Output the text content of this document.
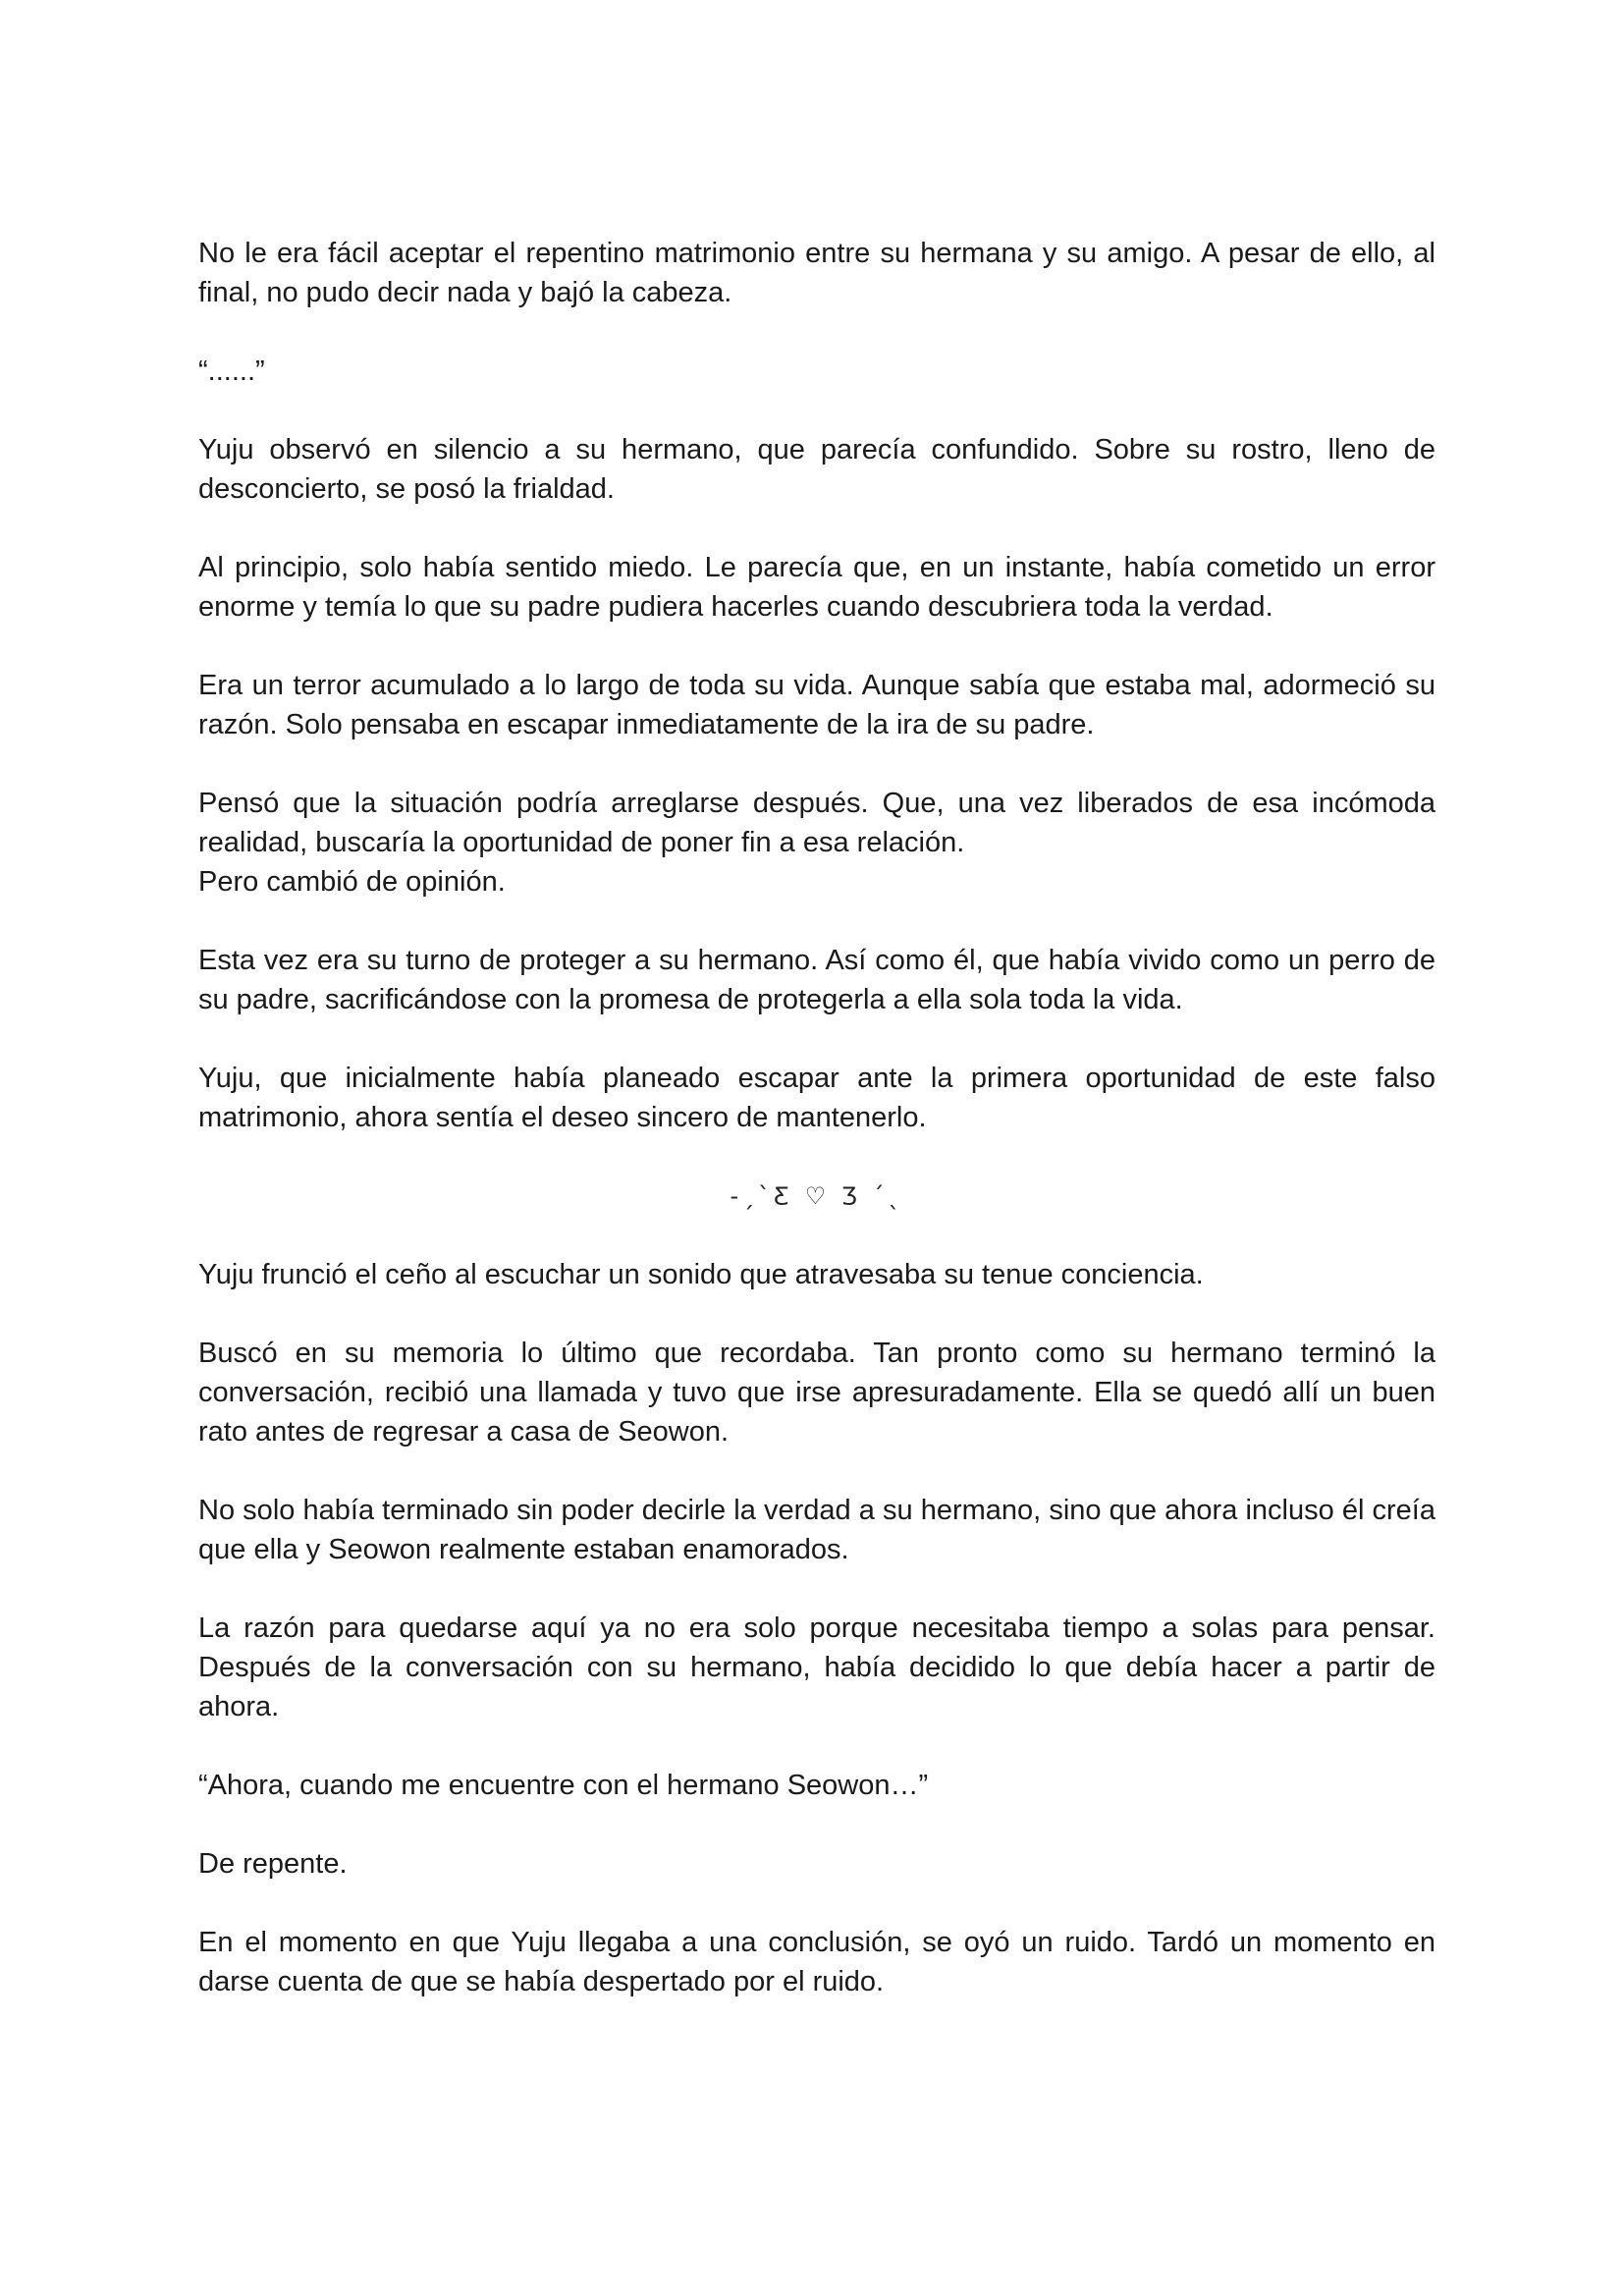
No le era fácil aceptar el repentino matrimonio entre su hermana y su amigo. A pesar de ello, al final, no pudo decir nada y bajó la cabeza.

“......”

Yuju observó en silencio a su hermano, que parecía confundido. Sobre su rostro, lleno de desconcierto, se posó la frialdad.

Al principio, solo había sentido miedo. Le parecía que, en un instante, había cometido un error enorme y temía lo que su padre pudiera hacerles cuando descubriera toda la verdad.

Era un terror acumulado a lo largo de toda su vida. Aunque sabía que estaba mal, adormeció su razón. Solo pensaba en escapar inmediatamente de la ira de su padre.

Pensó que la situación podría arreglarse después. Que, una vez liberados de esa incómoda realidad, buscaría la oportunidad de poner fin a esa relación.

Pero cambió de opinión.

Esta vez era su turno de proteger a su hermano. Así como él, que había vivido como un perro de su padre, sacrificándose con la promesa de protegerla a ella sola toda la vida.

Yuju, que inicialmente había planeado escapar ante la primera oportunidad de este falso matrimonio, ahora sentía el deseo sincero de mantenerlo.

-ˏˋƸ ♡ Ʒ ˊˎ

Yuju frunció el ceño al escuchar un sonido que atravesaba su tenue conciencia.

Buscó en su memoria lo último que recordaba. Tan pronto como su hermano terminó la conversación, recibió una llamada y tuvo que irse apresuradamente. Ella se quedó allí un buen rato antes de regresar a casa de Seowon.

No solo había terminado sin poder decirle la verdad a su hermano, sino que ahora incluso él creía que ella y Seowon realmente estaban enamorados.

La razón para quedarse aquí ya no era solo porque necesitaba tiempo a solas para pensar. Después de la conversación con su hermano, había decidido lo que debía hacer a partir de ahora.

“Ahora, cuando me encuentre con el hermano Seowon…”

De repente.

En el momento en que Yuju llegaba a una conclusión, se oyó un ruido. Tardó un momento en darse cuenta de que se había despertado por el ruido.
